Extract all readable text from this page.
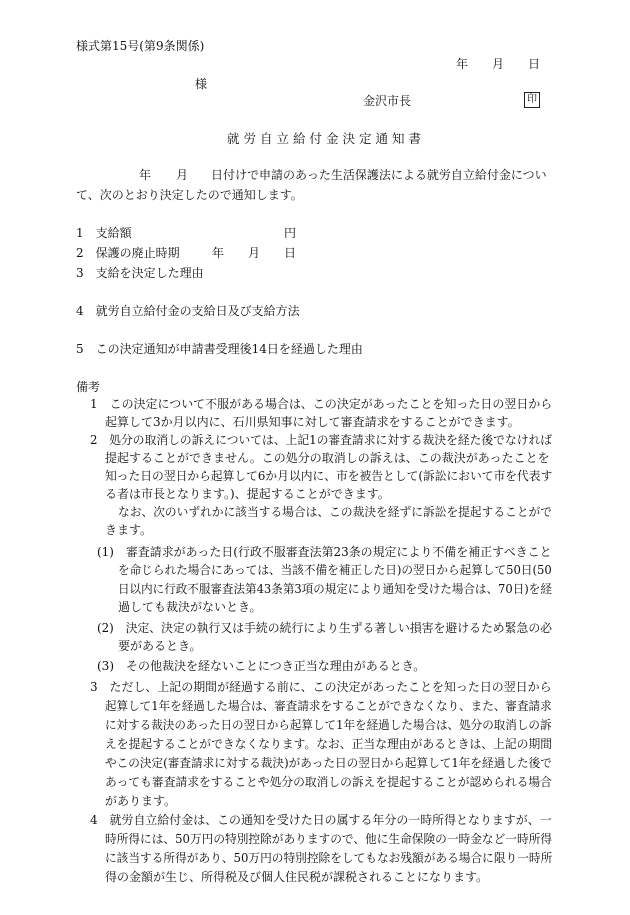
様式第15号(第9条関係)
年 月 日
様
金沢市長	印
就労自立給付金決定通知書
年 月 日付けで申請のあった生活保護法による就労自立給付金につい
て、次のとおり決定したので通知します。
1　支給額	円
2　保護の廃止時期	年 月 日
3　支給を決定した理由
4　就労自立給付金の支給日及び支給方法
5　この決定通知が申請書受理後14日を経過した理由
備考
1　この決定について不服がある場合は、この決定があったことを知った日の翌日から
起算して3か月以内に、石川県知事に対して審査請求をすることができます。
2　処分の取消しの訴えについては、上記1の審査請求に対する裁決を経た後でなければ
提起することができません。この処分の取消しの訴えは、この裁決があったことを
知った日の翌日から起算して6か月以内に、市を被告として(訴訟において市を代表す
る者は市長となります。)、提起することができます。
なお、次のいずれかに該当する場合は、この裁決を経ずに訴訟を提起することがで
きます。
(1)　審査請求があった日(行政不服審査法第23条の規定により不備を補正すべきこと
を命じられた場合にあっては、当該不備を補正した日)の翌日から起算して50日(50
日以内に行政不服審査法第43条第3項の規定により通知を受けた場合は、70日)を経
過しても裁決がないとき。
(2)　決定、決定の執行又は手続の続行により生ずる著しい損害を避けるため緊急の必
要があるとき。
(3)　その他裁決を経ないことにつき正当な理由があるとき。
3　ただし、上記の期間が経過する前に、この決定があったことを知った日の翌日から
起算して1年を経過した場合は、審査請求をすることができなくなり、また、審査請求
に対する裁決のあった日の翌日から起算して1年を経過した場合は、処分の取消しの訴
えを提起することができなくなります。なお、正当な理由があるときは、上記の期間
やこの決定(審査請求に対する裁決)があった日の翌日から起算して1年を経過した後で
あっても審査請求をすることや処分の取消しの訴えを提起することが認められる場合
があります。
4　就労自立給付金は、この通知を受けた日の属する年分の一時所得となりますが、一
時所得には、50万円の特別控除がありますので、他に生命保険の一時金など一時所得
に該当する所得があり、50万円の特別控除をしてもなお残額がある場合に限り一時所
得の金額が生じ、所得税及び個人住民税が課税されることになります。
